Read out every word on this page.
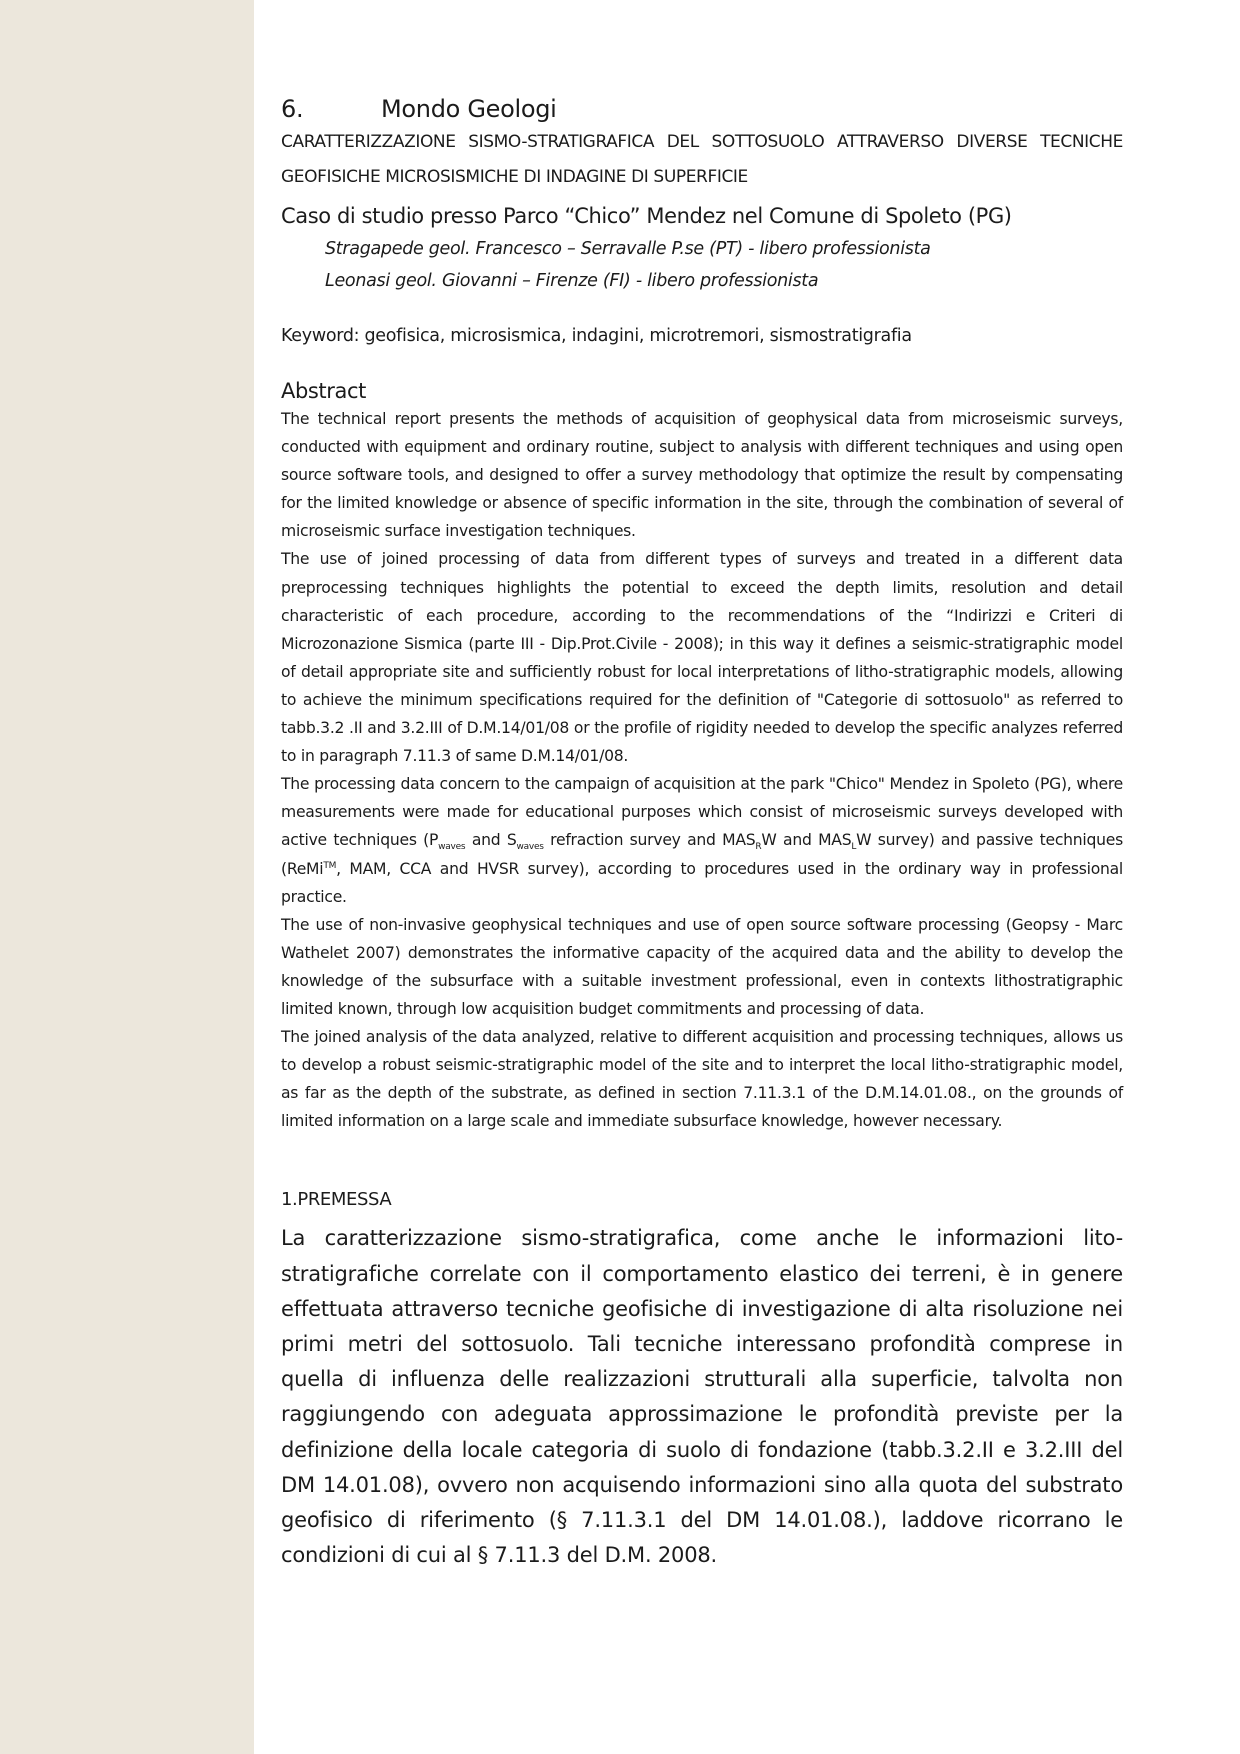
6.	Mondo Geologi
CARATTERIZZAZIONE SISMO-STRATIGRAFICA DEL SOTTOSUOLO ATTRAVERSO DIVERSE TECNICHE GEOFISICHE MICROSISMICHE DI INDAGINE DI SUPERFICIE
Caso di studio presso Parco “Chico” Mendez nel Comune di Spoleto (PG)

Stragapede geol. Francesco – Serravalle P.se (PT) - libero professionista

Leonasi geol. Giovanni – Firenze (FI) - libero professionista

Keyword: geofisica, microsismica, indagini, microtremori, sismostratigrafia

Abstract

The technical report presents the methods of acquisition of geophysical data from microseismic surveys, conducted with equipment and ordinary routine, subject to analysis with different techniques and using open source software tools, and designed to offer a survey methodology that optimize the result by compensating for the limited knowledge or absence of specific information in the site, through the combination of several of microseismic surface investigation techniques.

The use of joined processing of data from different types of surveys and treated in a different data preprocessing techniques highlights the potential to exceed the depth limits, resolution and detail characteristic of each procedure, according to the recommendations of the “Indirizzi e Criteri di Microzonazione Sismica (parte III - Dip.Prot.Civile - 2008); in this way it defines a seismic-stratigraphic model of detail appropriate site and sufficiently robust for local interpretations of litho-stratigraphic models, allowing to achieve the minimum specifications required for the definition of "Categorie di sottosuolo" as referred to tabb.3.2 .II and 3.2.III of D.M.14/01/08 or the profile of rigidity needed to develop the specific analyzes referred to in paragraph 7.11.3 of same D.M.14/01/08.

The processing data concern to the campaign of acquisition at the park "Chico" Mendez in Spoleto (PG), where measurements were made for educational purposes which consist of microseismic surveys developed with active techniques ($P_{waves}$ and $S_{waves}$ refraction survey and $MAS_RW$ and $MAS_LW$ survey) and passive techniques (ReMi™, MAM, CCA and HVSR survey), according to procedures used in the ordinary way in professional practice.

The use of non-invasive geophysical techniques and use of open source software processing (Geopsy - Marc Wathelet 2007) demonstrates the informative capacity of the acquired data and the ability to develop the knowledge of the subsurface with a suitable investment professional, even in contexts lithostratigraphic limited known, through low acquisition budget commitments and processing of data.

The joined analysis of the data analyzed, relative to different acquisition and processing techniques, allows us to develop a robust seismic-stratigraphic model of the site and to interpret the local litho-stratigraphic model, as far as the depth of the substrate, as defined in section 7.11.3.1 of the D.M.14.01.08., on the grounds of limited information on a large scale and immediate subsurface knowledge, however necessary.

1.PREMESSA

La caratterizzazione sismo-stratigrafica, come anche le informazioni lito-stratigrafiche correlate con il comportamento elastico dei terreni, è in genere effettuata attraverso tecniche geofisiche di investigazione di alta risoluzione nei primi metri del sottosuolo. Tali tecniche interessano profondità comprese in quella di influenza delle realizzazioni strutturali alla superficie, talvolta non raggiungendo con adeguata approssimazione le profondità previste per la definizione della locale categoria di suolo di fondazione (tabb.3.2.II e 3.2.III del DM 14.01.08), ovvero non acquisendo informazioni sino alla quota del substrato geofisico di riferimento (§ 7.11.3.1 del DM 14.01.08.), laddove ricorrano le condizioni di cui al § 7.11.3 del D.M. 2008.
